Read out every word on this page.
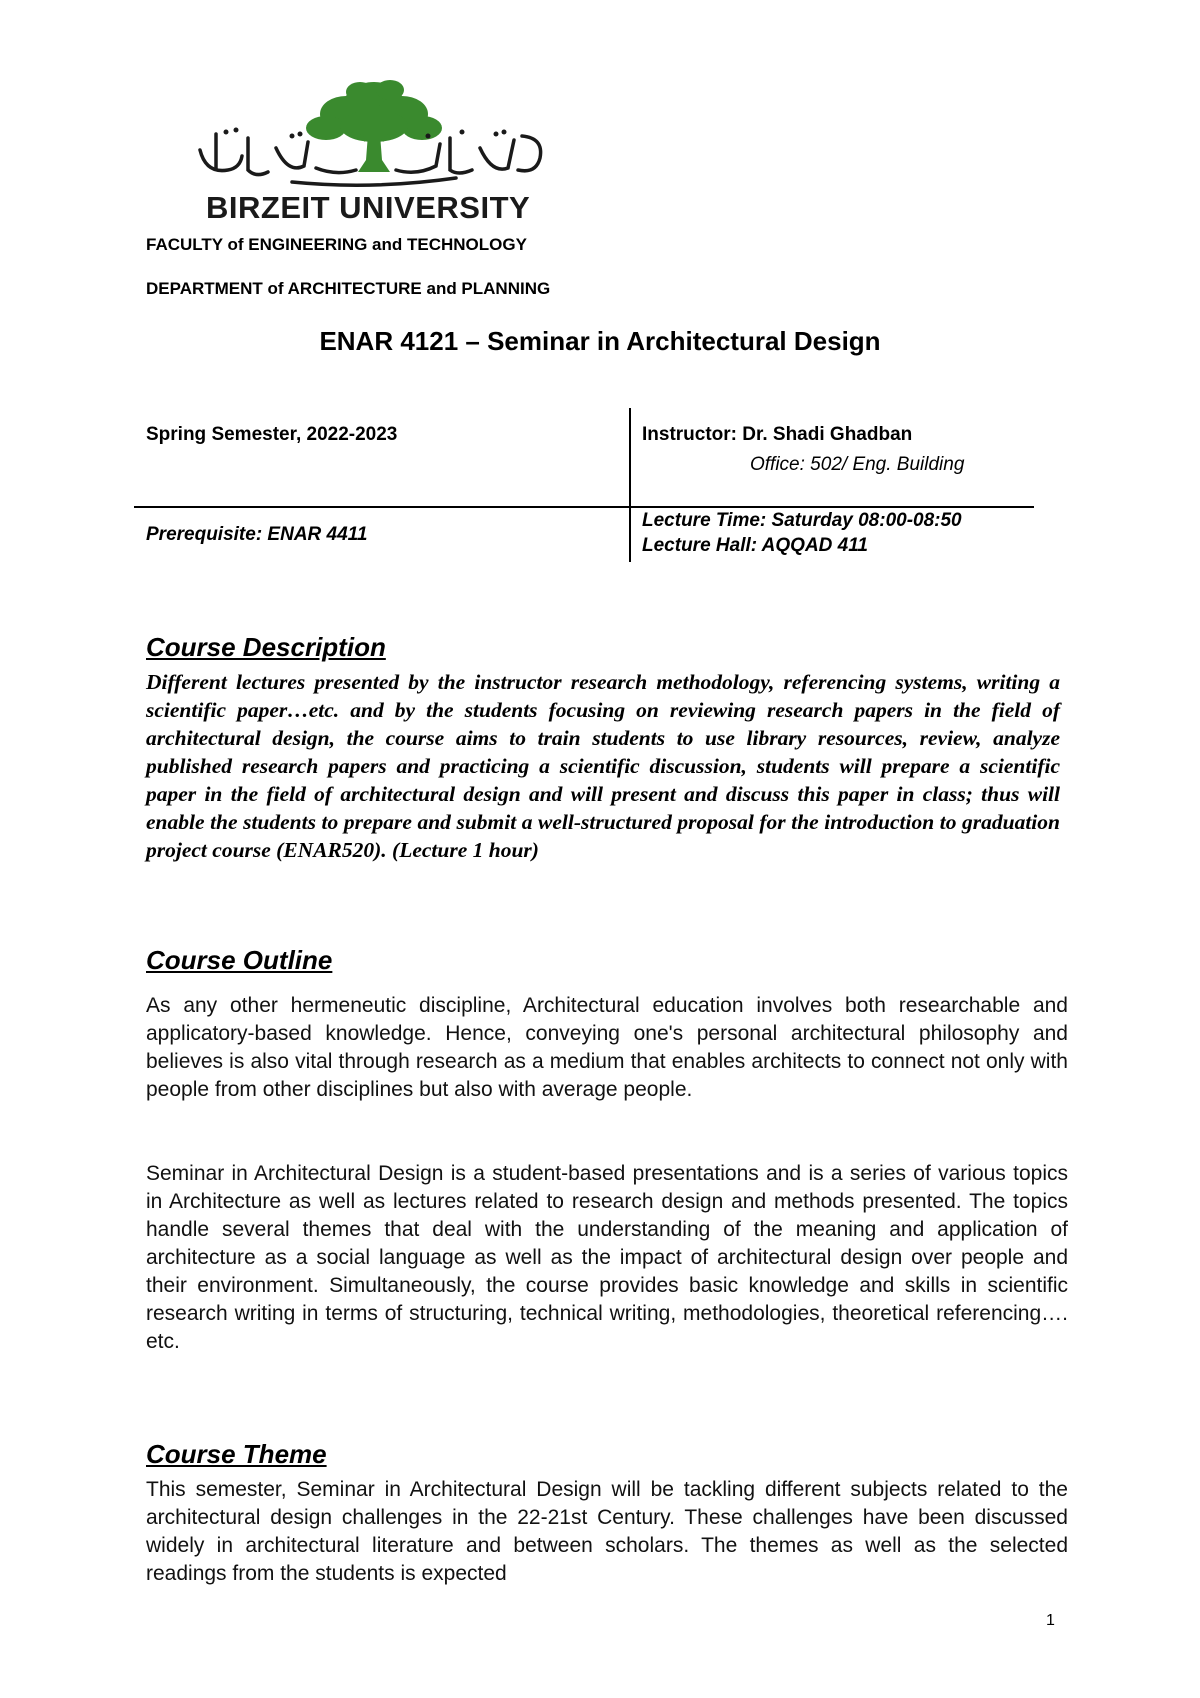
BIRZEIT UNIVERSITY
FACULTY of ENGINEERING and TECHNOLOGY
DEPARTMENT of ARCHITECTURE and PLANNING
ENAR 4121 – Seminar in Architectural Design
Spring Semester, 2022-2023	Instructor: Dr. Shadi Ghadban
Office: 502/ Eng. Building
Prerequisite: ENAR 4411
Lecture Time: Saturday 08:00-08:50
Lecture Hall: AQQAD 411
Course Description

Different lectures presented by the instructor research methodology, referencing systems, writing a scientific paper…etc. and by the students focusing on reviewing research papers in the field of architectural design, the course aims to train students to use library resources, review, analyze published research papers and practicing a scientific discussion, students will prepare a scientific paper in the field of architectural design and will present and discuss this paper in class; thus will enable the students to prepare and submit a well-structured proposal for the introduction to graduation project course (ENAR520). (Lecture 1 hour)

Course Outline

As any other hermeneutic discipline, Architectural education involves both researchable and applicatory-based knowledge. Hence, conveying one's personal architectural philosophy and believes is also vital through research as a medium that enables architects to connect not only with people from other disciplines but also with average people.

Seminar in Architectural Design is a student-based presentations and is a series of various topics in Architecture as well as lectures related to research design and methods presented. The topics handle several themes that deal with the understanding of the meaning and application of architecture as a social language as well as the impact of architectural design over people and their environment. Simultaneously, the course provides basic knowledge and skills in scientific research writing in terms of structuring, technical writing, methodologies, theoretical referencing…. etc.

Course Theme

This semester, Seminar in Architectural Design will be tackling different subjects related to the architectural design challenges in the 22-21st Century. These challenges have been discussed widely in architectural literature and between scholars. The themes as well as the selected readings from the students is expected

1
